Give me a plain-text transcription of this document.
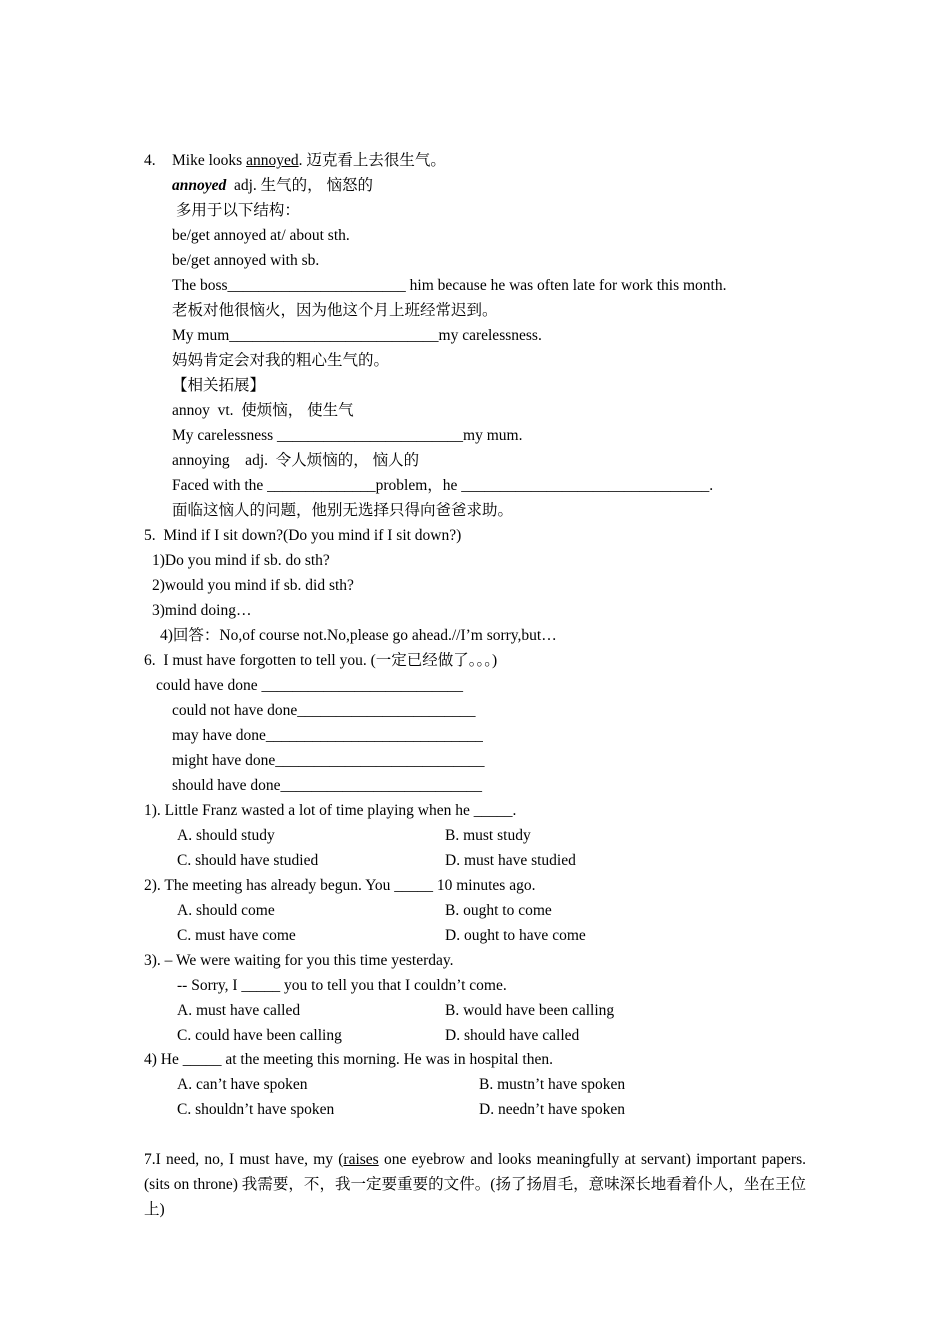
4. Mike looks annoyed. 迈克看上去很生气。
annoyed  adj. 生气的， 恼怒的
多用于以下结构：
be/get annoyed at/ about sth.
be/get annoyed with sb.
The boss_______________________ him because he was often late for work this month.
老板对他很恼火，因为他这个月上班经常迟到。
My mum___________________________my carelessness.
妈妈肯定会对我的粗心生气的。
【相关拓展】
annoy  vt.  使烦恼， 使生气
My carelessness ________________________my mum.
annoying    adj.  令人烦恼的， 恼人的
Faced with the ______________problem，he ________________________________.
面临这恼人的问题，他别无选择只得向爸爸求助。
5.  Mind if I sit down?(Do you mind if I sit down?)
1)Do you mind if sb. do sth?
2)would you mind if sb. did sth?
3)mind doing…
4)回答：No,of course not.No,please go ahead.//I’m sorry,but…
6.  I must have forgotten to tell you. (一定已经做了。。。)
could have done __________________________
could not have done_______________________
may have done____________________________
might have done___________________________
should have done__________________________
1). Little Franz wasted a lot of time playing when he _____.
A. should study	B. must study
C. should have studied	D. must have studied
2). The meeting has already begun. You _____ 10 minutes ago.
A. should come	B. ought to come
C. must have come	D. ought to have come
3). – We were waiting for you this time yesterday.
-- Sorry, I _____ you to tell you that I couldn’t come.
A. must have called	B. would have been calling
C. could have been calling	D. should have called
4) He _____ at the meeting this morning. He was in hospital then.
A. can’t have spoken	B. mustn’t have spoken
C. shouldn’t have spoken	D. needn’t have spoken
7.I need, no, I must have, my (raises one eyebrow and looks meaningfully at servant) important papers. (sits on throne) 我需要，不，我一定要重要的文件。(扬了扬眉毛，意味深长地看着仆人，坐在王位上)
